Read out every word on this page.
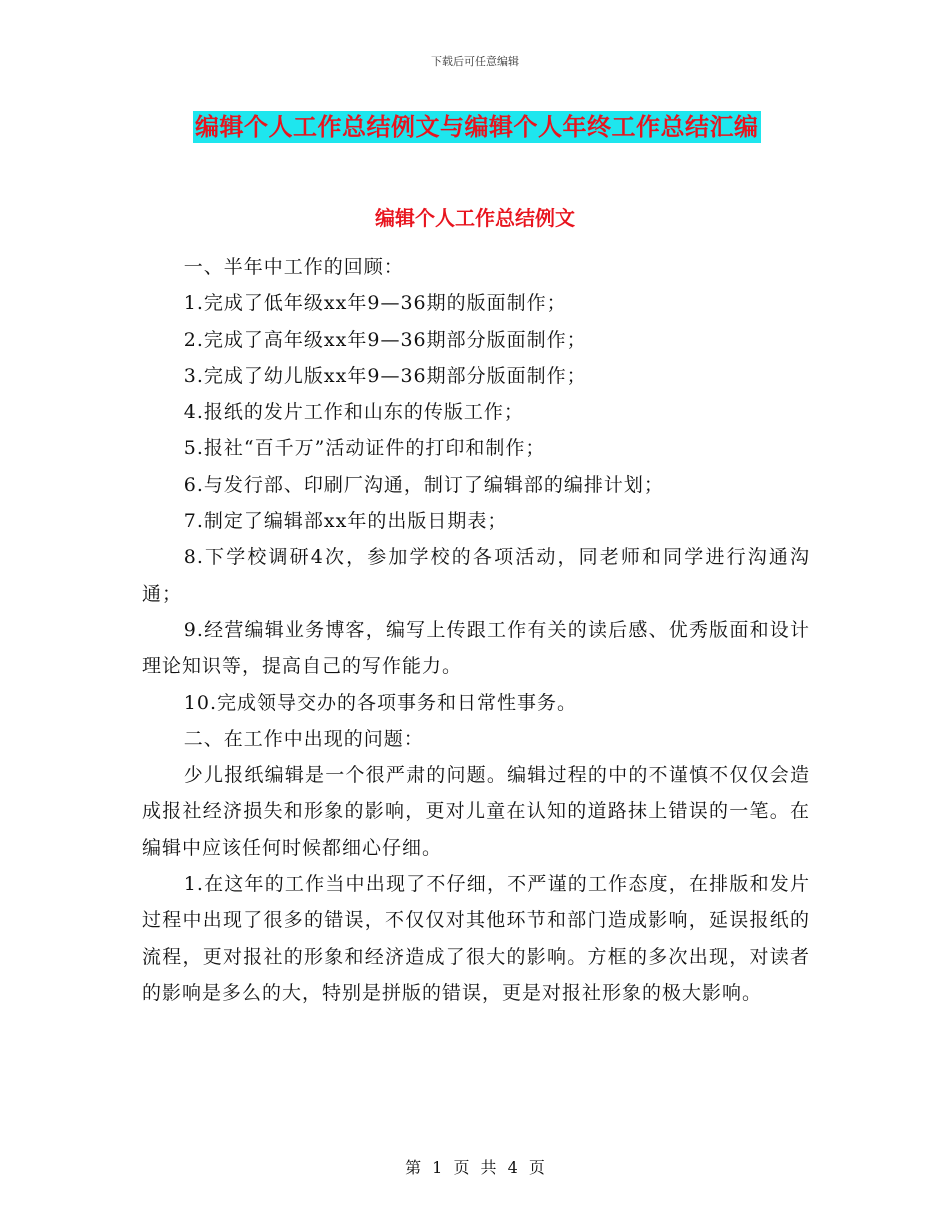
下载后可任意编辑
编辑个人工作总结例文与编辑个人年终工作总结汇编
编辑个人工作总结例文

一、半年中工作的回顾：

1.完成了低年级xx年9—36期的版面制作；

2.完成了高年级xx年9—36期部分版面制作；

3.完成了幼儿版xx年9—36期部分版面制作；

4.报纸的发片工作和山东的传版工作；

5.报社“百千万”活动证件的打印和制作；

6.与发行部、印刷厂沟通，制订了编辑部的编排计划；

7.制定了编辑部xx年的出版日期表；

8.下学校调研4次，参加学校的各项活动，同老师和同学进行沟通沟通；

9.经营编辑业务博客，编写上传跟工作有关的读后感、优秀版面和设计理论知识等，提高自己的写作能力。

10.完成领导交办的各项事务和日常性事务。

二、在工作中出现的问题：

少儿报纸编辑是一个很严肃的问题。编辑过程的中的不谨慎不仅仅会造成报社经济损失和形象的影响，更对儿童在认知的道路抹上错误的一笔。在编辑中应该任何时候都细心仔细。

1.在这年的工作当中出现了不仔细，不严谨的工作态度，在排版和发片过程中出现了很多的错误，不仅仅对其他环节和部门造成影响，延误报纸的流程，更对报社的形象和经济造成了很大的影响。方框的多次出现，对读者的影响是多么的大，特别是拼版的错误，更是对报社形象的极大影响。

第 1 页 共 4 页
